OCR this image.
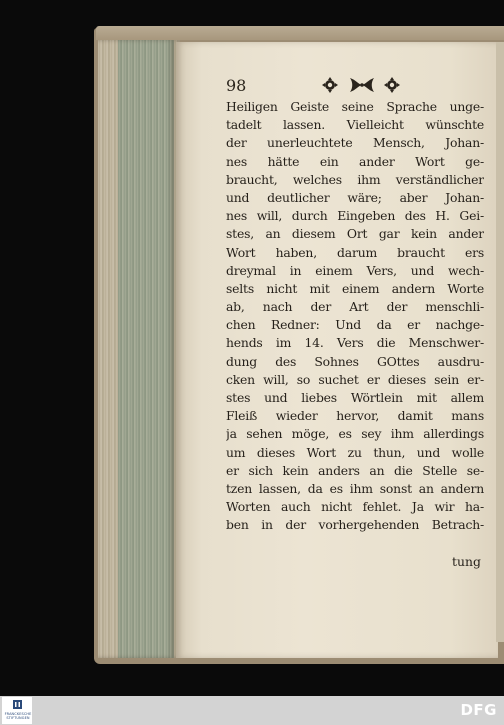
98
Heiligen Geiste seine Sprache unge-
tadelt lassen. Vielleicht wünschte
der unerleuchtete Mensch, Johan-
nes hätte ein ander Wort ge-
braucht, welches ihm verständlicher
und deutlicher wäre; aber Johan-
nes will, durch Eingeben des H. Gei-
stes, an diesem Ort gar kein ander
Wort haben, darum braucht ers
dreymal in einem Vers, und wech-
selts nicht mit einem andern Worte
ab, nach der Art der menschli-
chen Redner: Und da er nachge-
hends im 14. Vers die Menschwer-
dung des Sohnes GOttes ausdru-
cken will, so suchet er dieses sein er-
stes und liebes Wörtlein mit allem
Fleiß wieder hervor, damit mans
ja sehen möge, es sey ihm allerdings
um dieses Wort zu thun, und wolle
er sich kein anders an die Stelle se-
tzen lassen, da es ihm sonst an andern
Worten auch nicht fehlet. Ja wir ha-
ben in der vorhergehenden Betrach-
tung
FRANCKESCHE STIFTUNGEN	DFG
